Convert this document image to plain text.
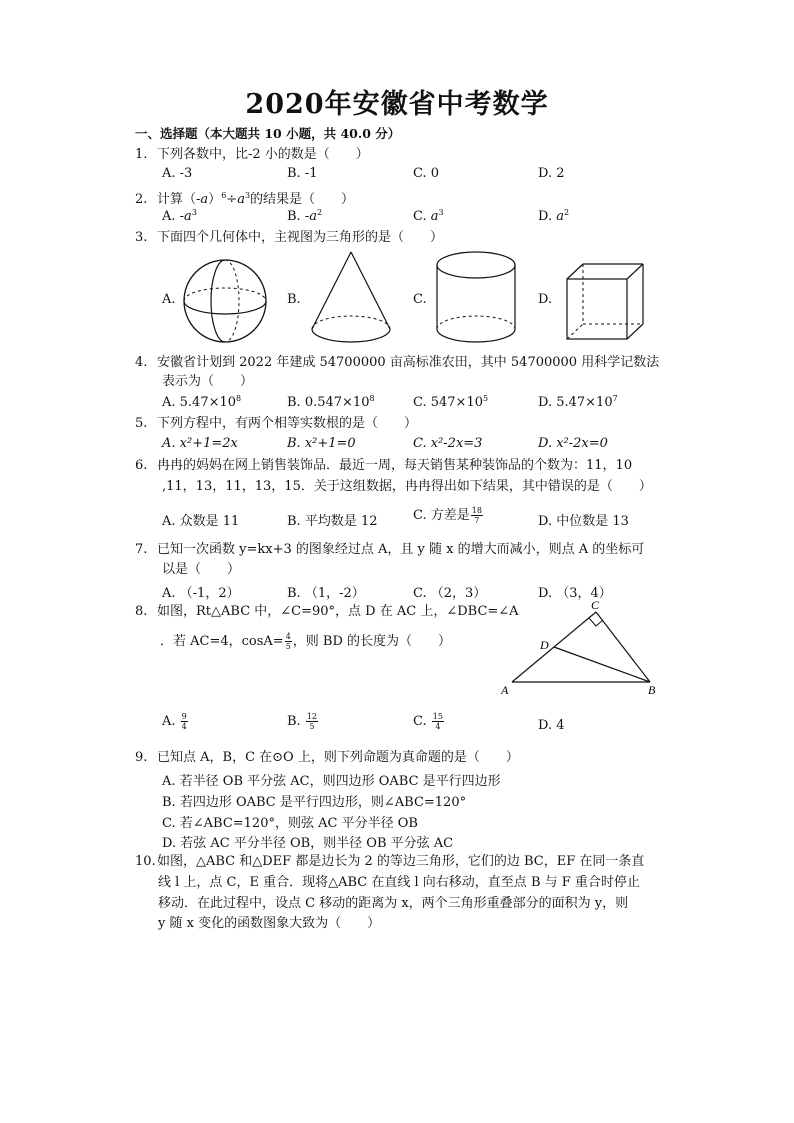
2020年安徽省中考数学
一、选择题（本大题共 10 小题，共 40.0 分）
1. 下列各数中，比-2 小的数是（　　）
A. -3	B. -1	C. 0	D. 2
2. 计算$(-a)^6\div a^3$的结果是（　　）
A. $-a^3$	B. $-a^2$	C. $a^3$	D. $a^2$
3. 下面四个几何体中，主视图为三角形的是（　　）
A.	B.	C.	D.
4. 安徽省计划到 2022 年建成 54700000 亩高标准农田，其中 54700000 用科学记数法
表示为（　　）
A. $5.47\times 10^8$	B. $0.547\times 10^8$	C. $547\times 10^5$	D. $5.47\times 10^7$
5. 下列方程中，有两个相等实数根的是（　　）
A. x²+1=2x	B. x²+1=0	C. x²-2x=3	D. x²-2x=0
6. 冉冉的妈妈在网上销售装饰品．最近一周，每天销售某种装饰品的个数为：11，10
,11，13，11，13，15．关于这组数据，冉冉得出如下结果，其中错误的是（　　）
A. 众数是 11	B. 平均数是 12	C. 方差是 $\frac{18}{7}$	D. 中位数是 13
7. 已知一次函数 y=kx+3 的图象经过点 A，且 y 随 x 的增大而减小，则点 A 的坐标可
以是（　　）
A. （-1，2）	B. （1，-2）	C. （2，3）	D. （3，4）
8. 如图，Rt△ABC 中，∠C=90°，点 D 在 AC 上，∠DBC=∠A
．若 AC=4，$\cos A= \frac{4}{5}$ ，则 BD 的长度为（　　）
C
D
A	B
A. $\frac{9}{4}$	B. $\frac{12}{5}$	C. $\frac{15}{4}$	D. 4
9. 已知点 A，B，C 在⊙O 上，则下列命题为真命题的是（　　）
A. 若半径 OB 平分弦 AC，则四边形 OABC 是平行四边形
B. 若四边形 OABC 是平行四边形，则∠ABC=120°
C. 若∠ABC=120°，则弦 AC 平分半径 OB
D. 若弦 AC 平分半径 OB，则半径 OB 平分弦 AC
10.如图，△ABC 和△DEF 都是边长为 2 的等边三角形，它们的边 BC，EF 在同一条直
线 l 上，点 C，E 重合．现将△ABC 在直线 l 向右移动，直至点 B 与 F 重合时停止
移动．在此过程中，设点 C 移动的距离为 x，两个三角形重叠部分的面积为 y，则
y 随 x 变化的函数图象大致为（　　）
